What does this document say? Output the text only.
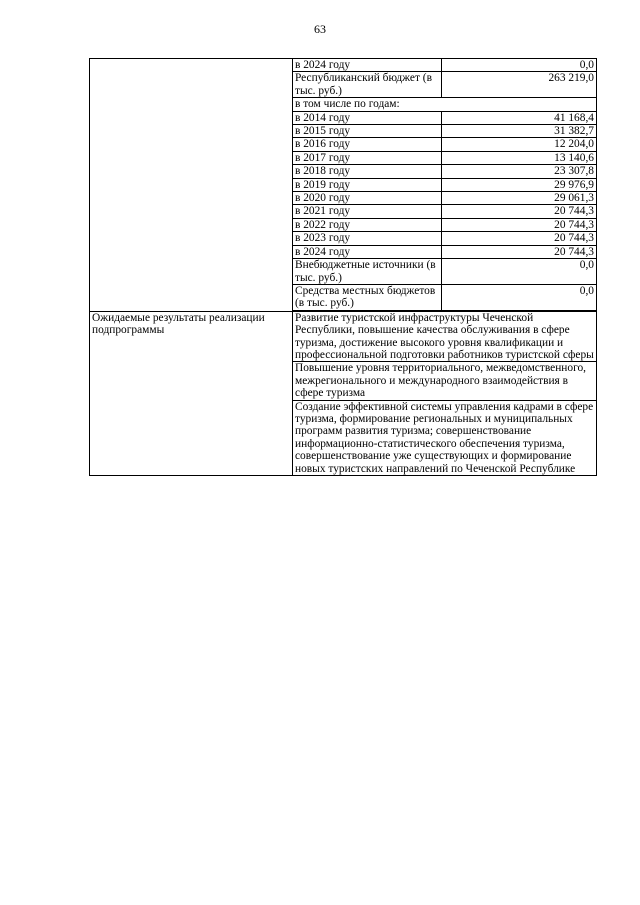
63
	в 2024 году	0,0
	Республиканский бюджет (в тыс. руб.)	263 219,0
	в том числе по годам:	
	в 2014 году	41 168,4
	в 2015 году	31 382,7
	в 2016 году	12 204,0
	в 2017 году	13 140,6
	в 2018 году	23 307,8
	в 2019 году	29 976,9
	в 2020 году	29 061,3
	в 2021 году	20 744,3
	в 2022 году	20 744,3
	в 2023 году	20 744,3
	в 2024 году	20 744,3
	Внебюджетные источники (в тыс. руб.)	0,0
	Средства местных бюджетов (в тыс. руб.)	0,0

Ожидаемые результаты реализации подпрограммы	Развитие туристской инфраструктуры Чеченской Республики, повышение качества обслуживания в сфере туризма, достижение высокого уровня квалификации и профессиональной подготовки работников туристской сферы	
	Повышение уровня территориального, межведомственного, межрегионального и международного взаимодействия в сфере туризма	
	Создание эффективной системы управления кадрами в сфере туризма, формирование региональных и муниципальных программ развития туризма; совершенствование информационно-статистического обеспечения туризма, совершенствование уже существующих и формирование новых туристских направлений по Чеченской Республике	
